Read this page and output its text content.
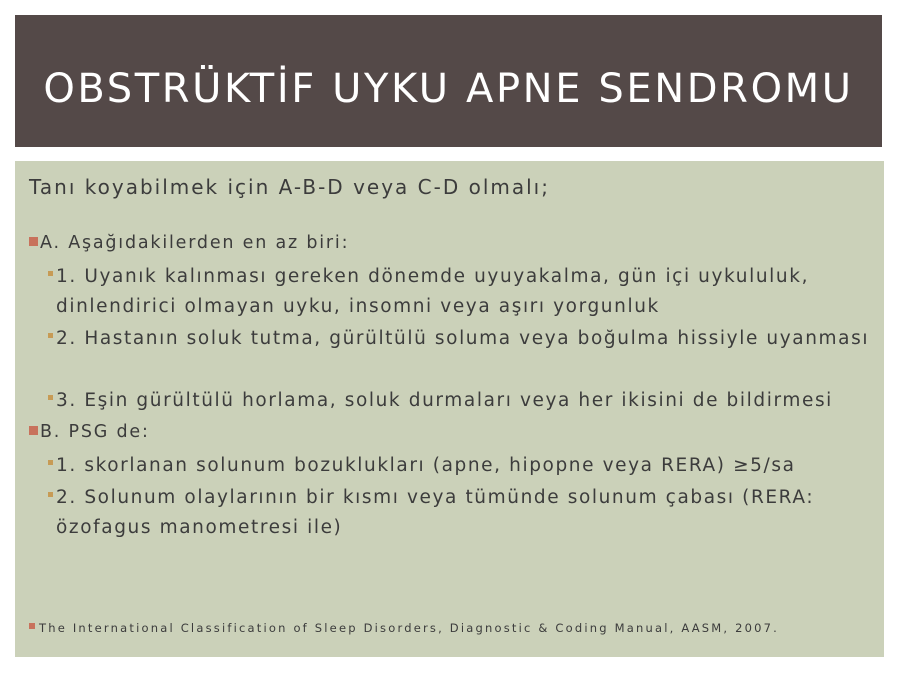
OBSTRÜKTİF UYKU APNE SENDROMU
Tanı koyabilmek için A-B-D veya C-D olmalı;
A. Aşağıdakilerden en az biri:
1. Uyanık kalınması gereken dönemde uyuyakalma, gün içi uykululuk, dinlendirici olmayan uyku, insomni veya aşırı yorgunluk
2. Hastanın soluk tutma, gürültülü soluma veya boğulma hissiyle uyanması
3. Eşin gürültülü horlama, soluk durmaları veya her ikisini de bildirmesi
B. PSG de:
1. skorlanan solunum bozuklukları (apne, hipopne veya RERA) ≥5/sa
2. Solunum olaylarının bir kısmı veya tümünde solunum çabası (RERA: özofagus manometresi ile)
The International Classification of Sleep Disorders, Diagnostic & Coding Manual, AASM, 2007.
